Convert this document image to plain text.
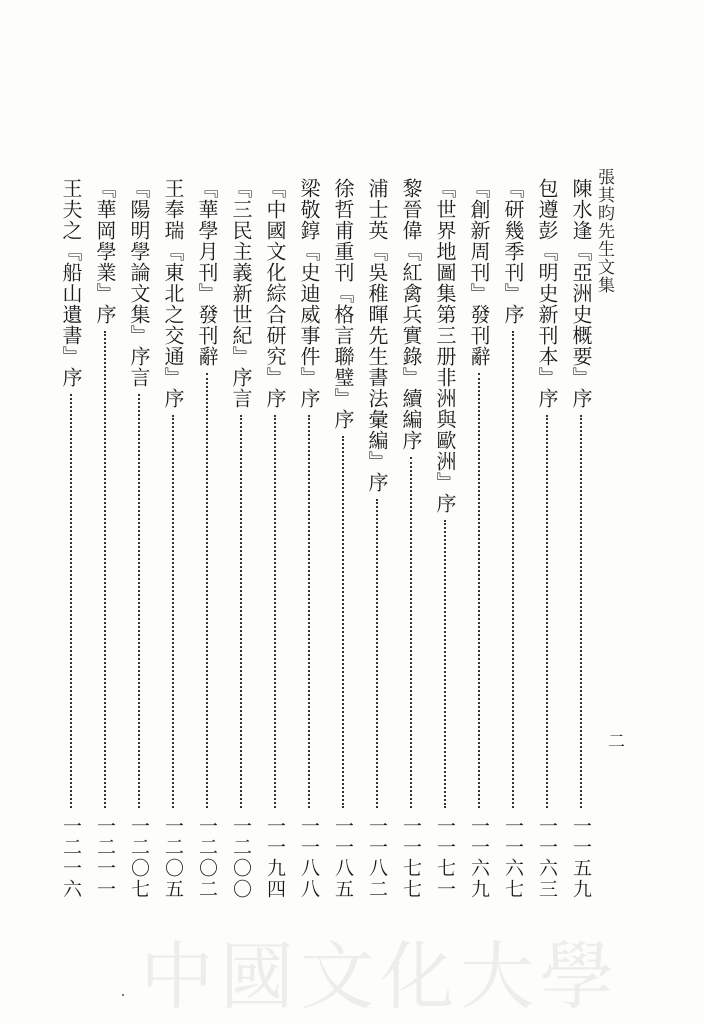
張其昀先生文集
二
陳水逢『亞洲史概要』序
一一五九
包遵彭『明史新刊本』序
一一六三
『研幾季刊』序
一一六七
『創新周刊』發刊辭
一一六九
『世界地圖集第三册非洲與歐洲』序
一一七一
黎晉偉『紅禽兵實錄』續編序
一一七七
浦士英『吳稚暉先生書法彙編』序
一一八二
徐哲甫重刊『格言聯璧』序
一一八五
梁敬錞『史迪威事件』序
一一八八
『中國文化綜合研究』序
一一九四
『三民主義新世紀』序言
一二〇〇
『華學月刊』發刊辭
一二〇二
王奉瑞『東北之交通』序
一二〇五
『陽明學論文集』序言
一二〇七
『華岡學業』序
一二一一
王夫之『船山遺書』序
一二一六
中國文化大學
